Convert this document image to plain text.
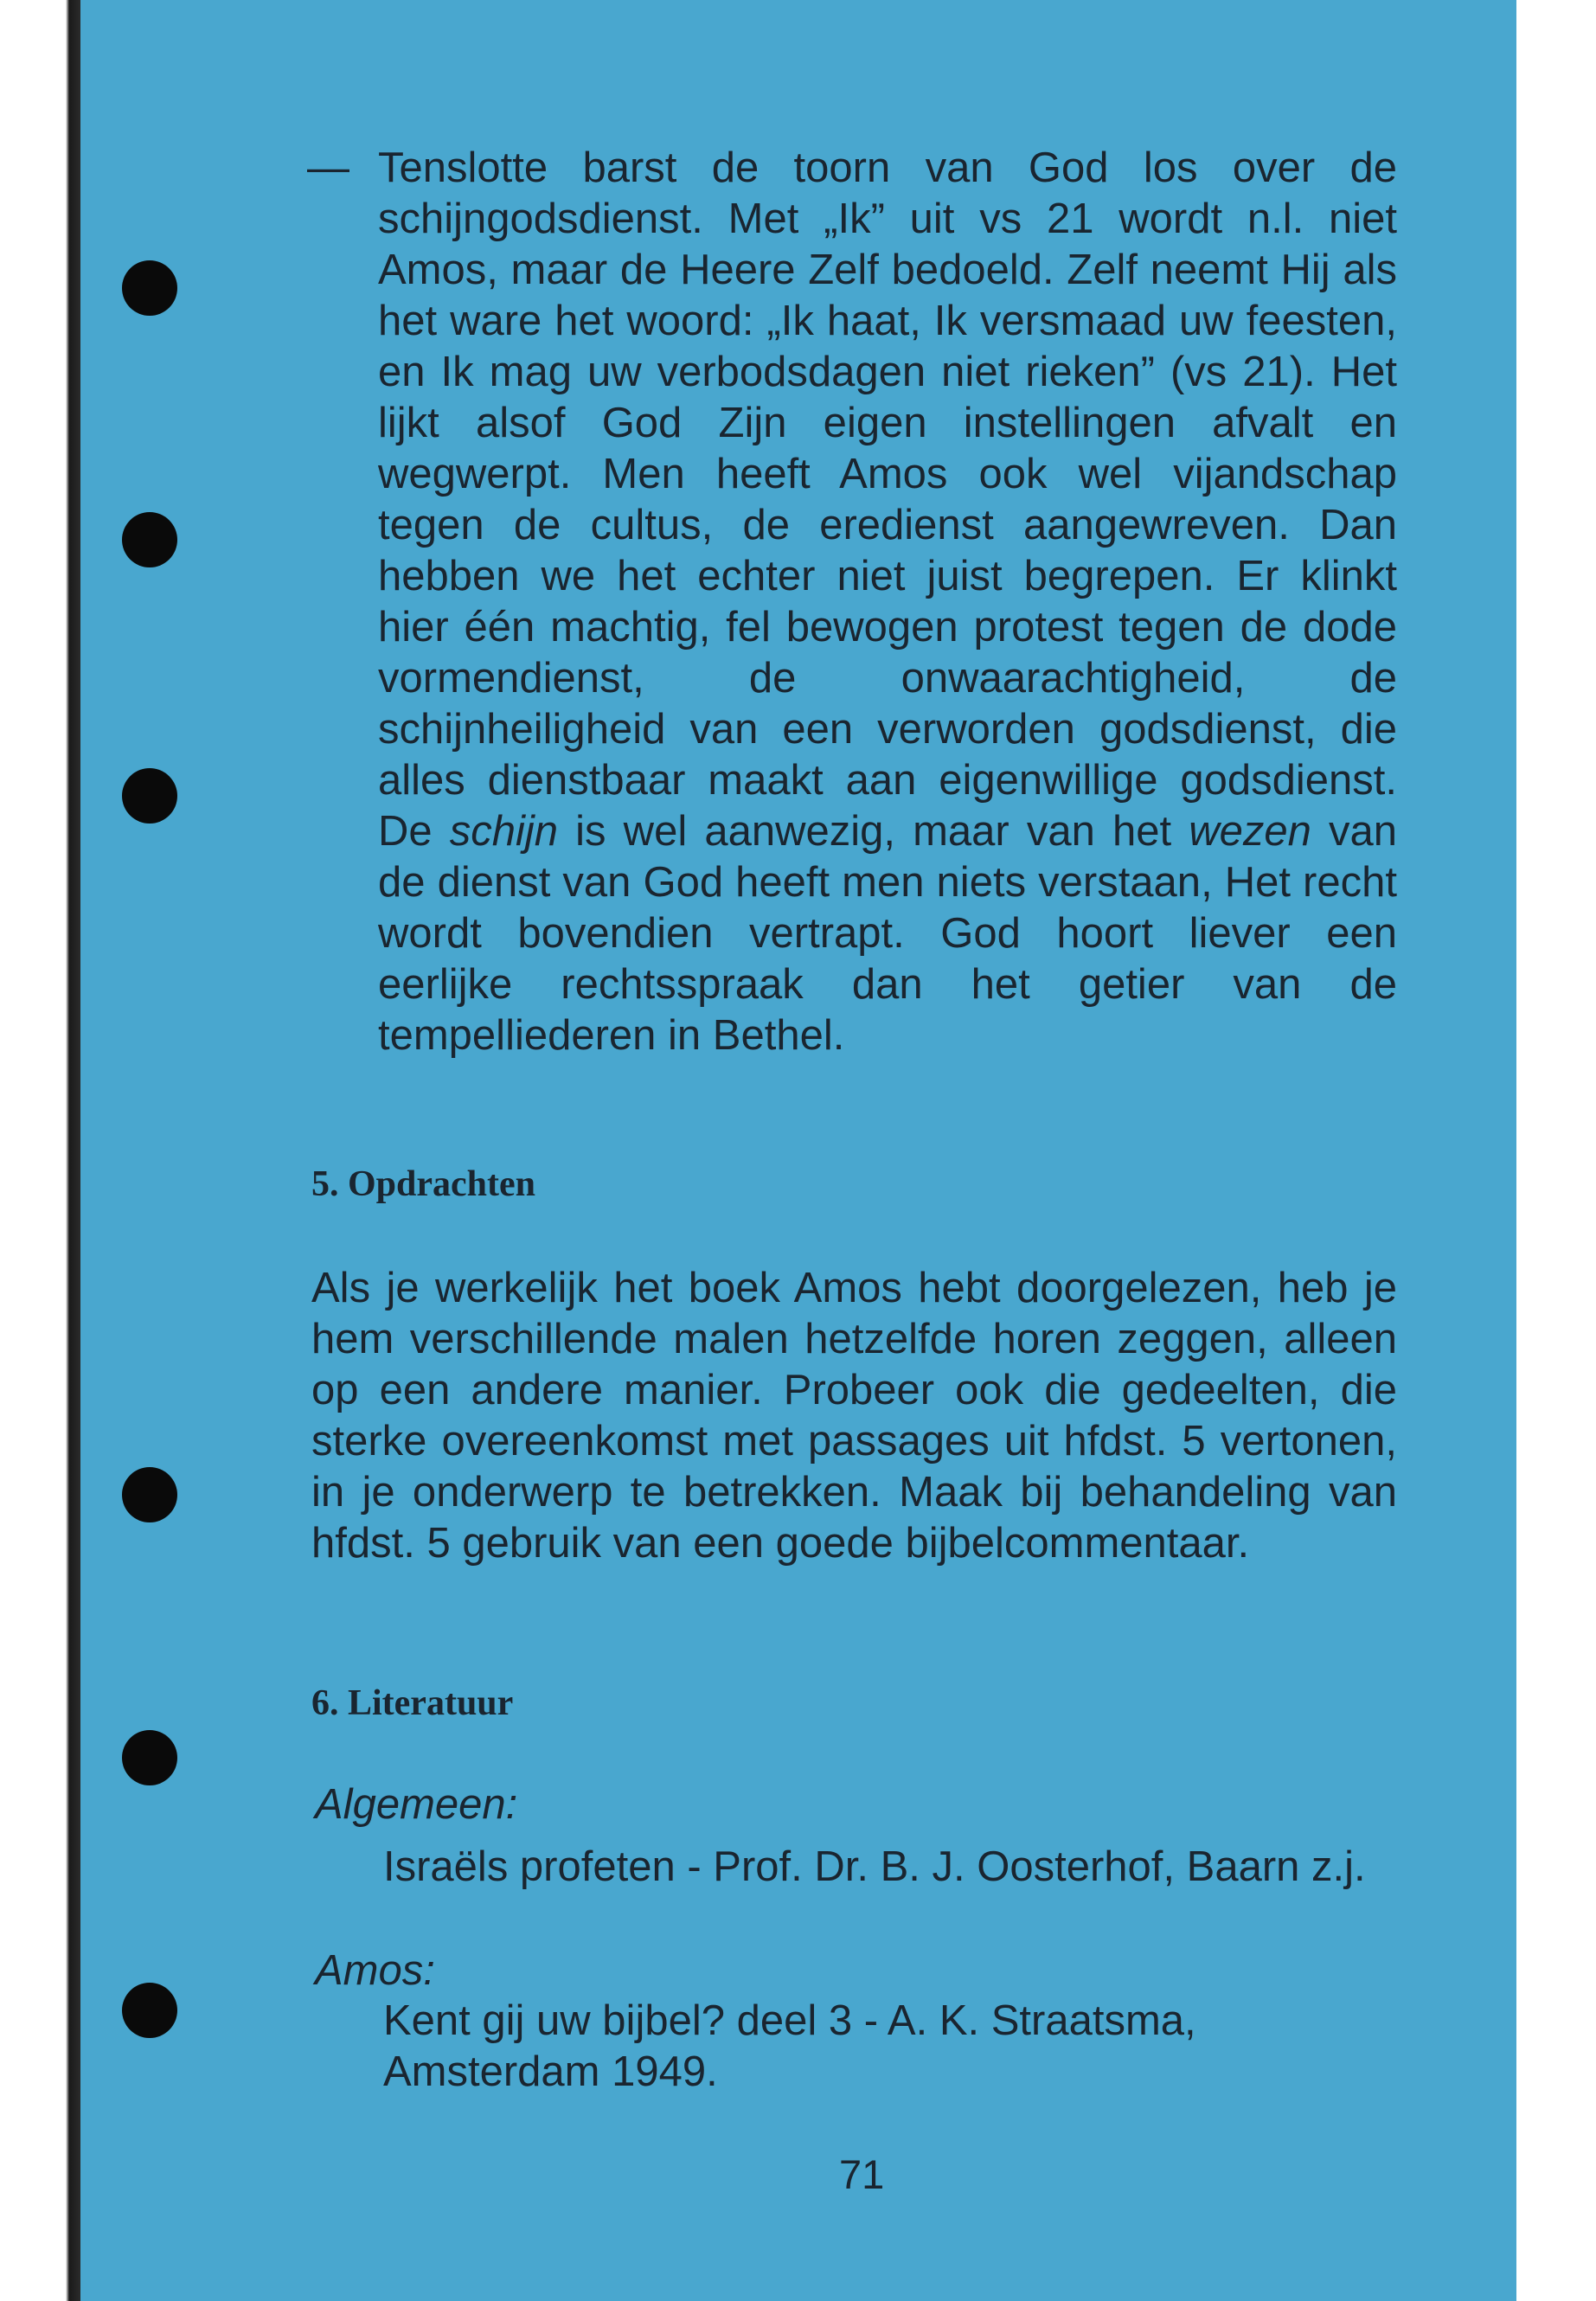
— Tenslotte barst de toorn van God los over de schijngodsdienst. Met „Ik” uit vs 21 wordt n.l. niet Amos, maar de Heere Zelf bedoeld. Zelf neemt Hij als het ware het woord: „Ik haat, Ik versmaad uw feesten, en Ik mag uw verbodsdagen niet rieken” (vs 21). Het lijkt alsof God Zijn eigen instellingen afvalt en wegwerpt. Men heeft Amos ook wel vijandschap tegen de cultus, de eredienst aangewreven. Dan hebben we het echter niet juist begrepen. Er klinkt hier één machtig, fel bewogen protest tegen de dode vormendienst, de onwaarachtigheid, de schijnheiligheid van een verworden godsdienst, die alles dienstbaar maakt aan eigenwillige godsdienst. De schijn is wel aanwezig, maar van het wezen van de dienst van God heeft men niets verstaan, Het recht wordt bovendien vertrapt. God hoort liever een eerlijke rechtsspraak dan het getier van de tempelliederen in Bethel.

5. Opdrachten

Als je werkelijk het boek Amos hebt doorgelezen, heb je hem verschillende malen hetzelfde horen zeggen, alleen op een andere manier. Probeer ook die gedeelten, die sterke overeenkomst met passages uit hfdst. 5 vertonen, in je onderwerp te betrekken. Maak bij behandeling van hfdst. 5 gebruik van een goede bijbelcommentaar.

6. Literatuur
Algemeen:
Israëls profeten - Prof. Dr. B. J. Oosterhof, Baarn z.j.
Amos:
Kent gij uw bijbel? deel 3 - A. K. Straatsma, Amsterdam 1949.
71
